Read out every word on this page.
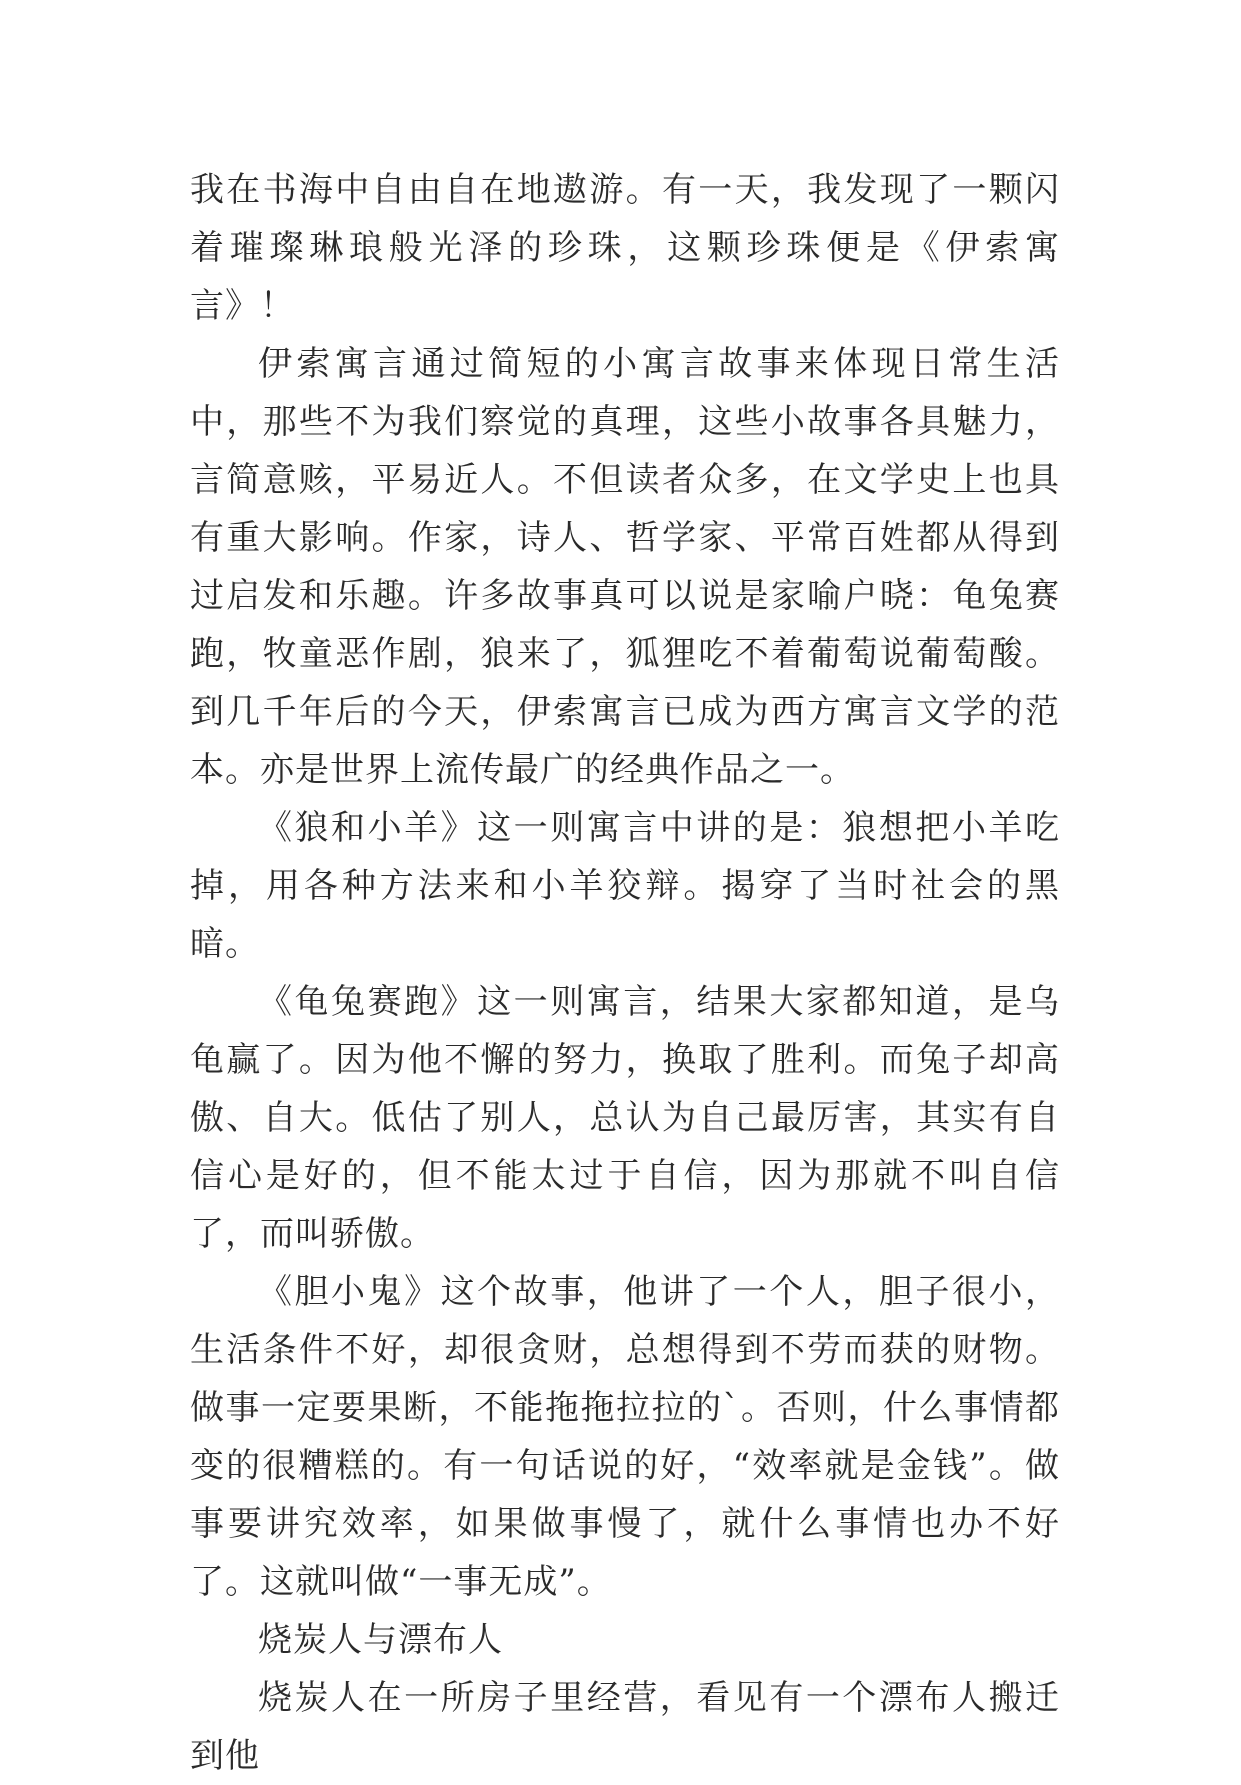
我在书海中自由自在地遨游。有一天，我发现了一颗闪着璀璨琳琅般光泽的珍珠，这颗珍珠便是《伊索寓言》！

伊索寓言通过简短的小寓言故事来体现日常生活中，那些不为我们察觉的真理，这些小故事各具魅力，言简意赅，平易近人。不但读者众多，在文学史上也具有重大影响。作家，诗人、哲学家、平常百姓都从得到过启发和乐趣。许多故事真可以说是家喻户晓：龟兔赛跑，牧童恶作剧，狼来了，狐狸吃不着葡萄说葡萄酸。到几千年后的今天，伊索寓言已成为西方寓言文学的范本。亦是世界上流传最广的经典作品之一。

《狼和小羊》这一则寓言中讲的是：狼想把小羊吃掉，用各种方法来和小羊狡辩。揭穿了当时社会的黑暗。

《龟兔赛跑》这一则寓言，结果大家都知道，是乌龟赢了。因为他不懈的努力，换取了胜利。而兔子却高傲、自大。低估了别人，总认为自己最厉害，其实有自信心是好的，但不能太过于自信，因为那就不叫自信了，而叫骄傲。

《胆小鬼》这个故事，他讲了一个人，胆子很小，生活条件不好，却很贪财，总想得到不劳而获的财物。做事一定要果断，不能拖拖拉拉的`。否则，什么事情都变的很糟糕的。有一句话说的好，“效率就是金钱”。做事要讲究效率，如果做事慢了，就什么事情也办不好了。这就叫做“一事无成”。

烧炭人与漂布人

烧炭人在一所房子里经营，看见有一个漂布人搬迁到他
